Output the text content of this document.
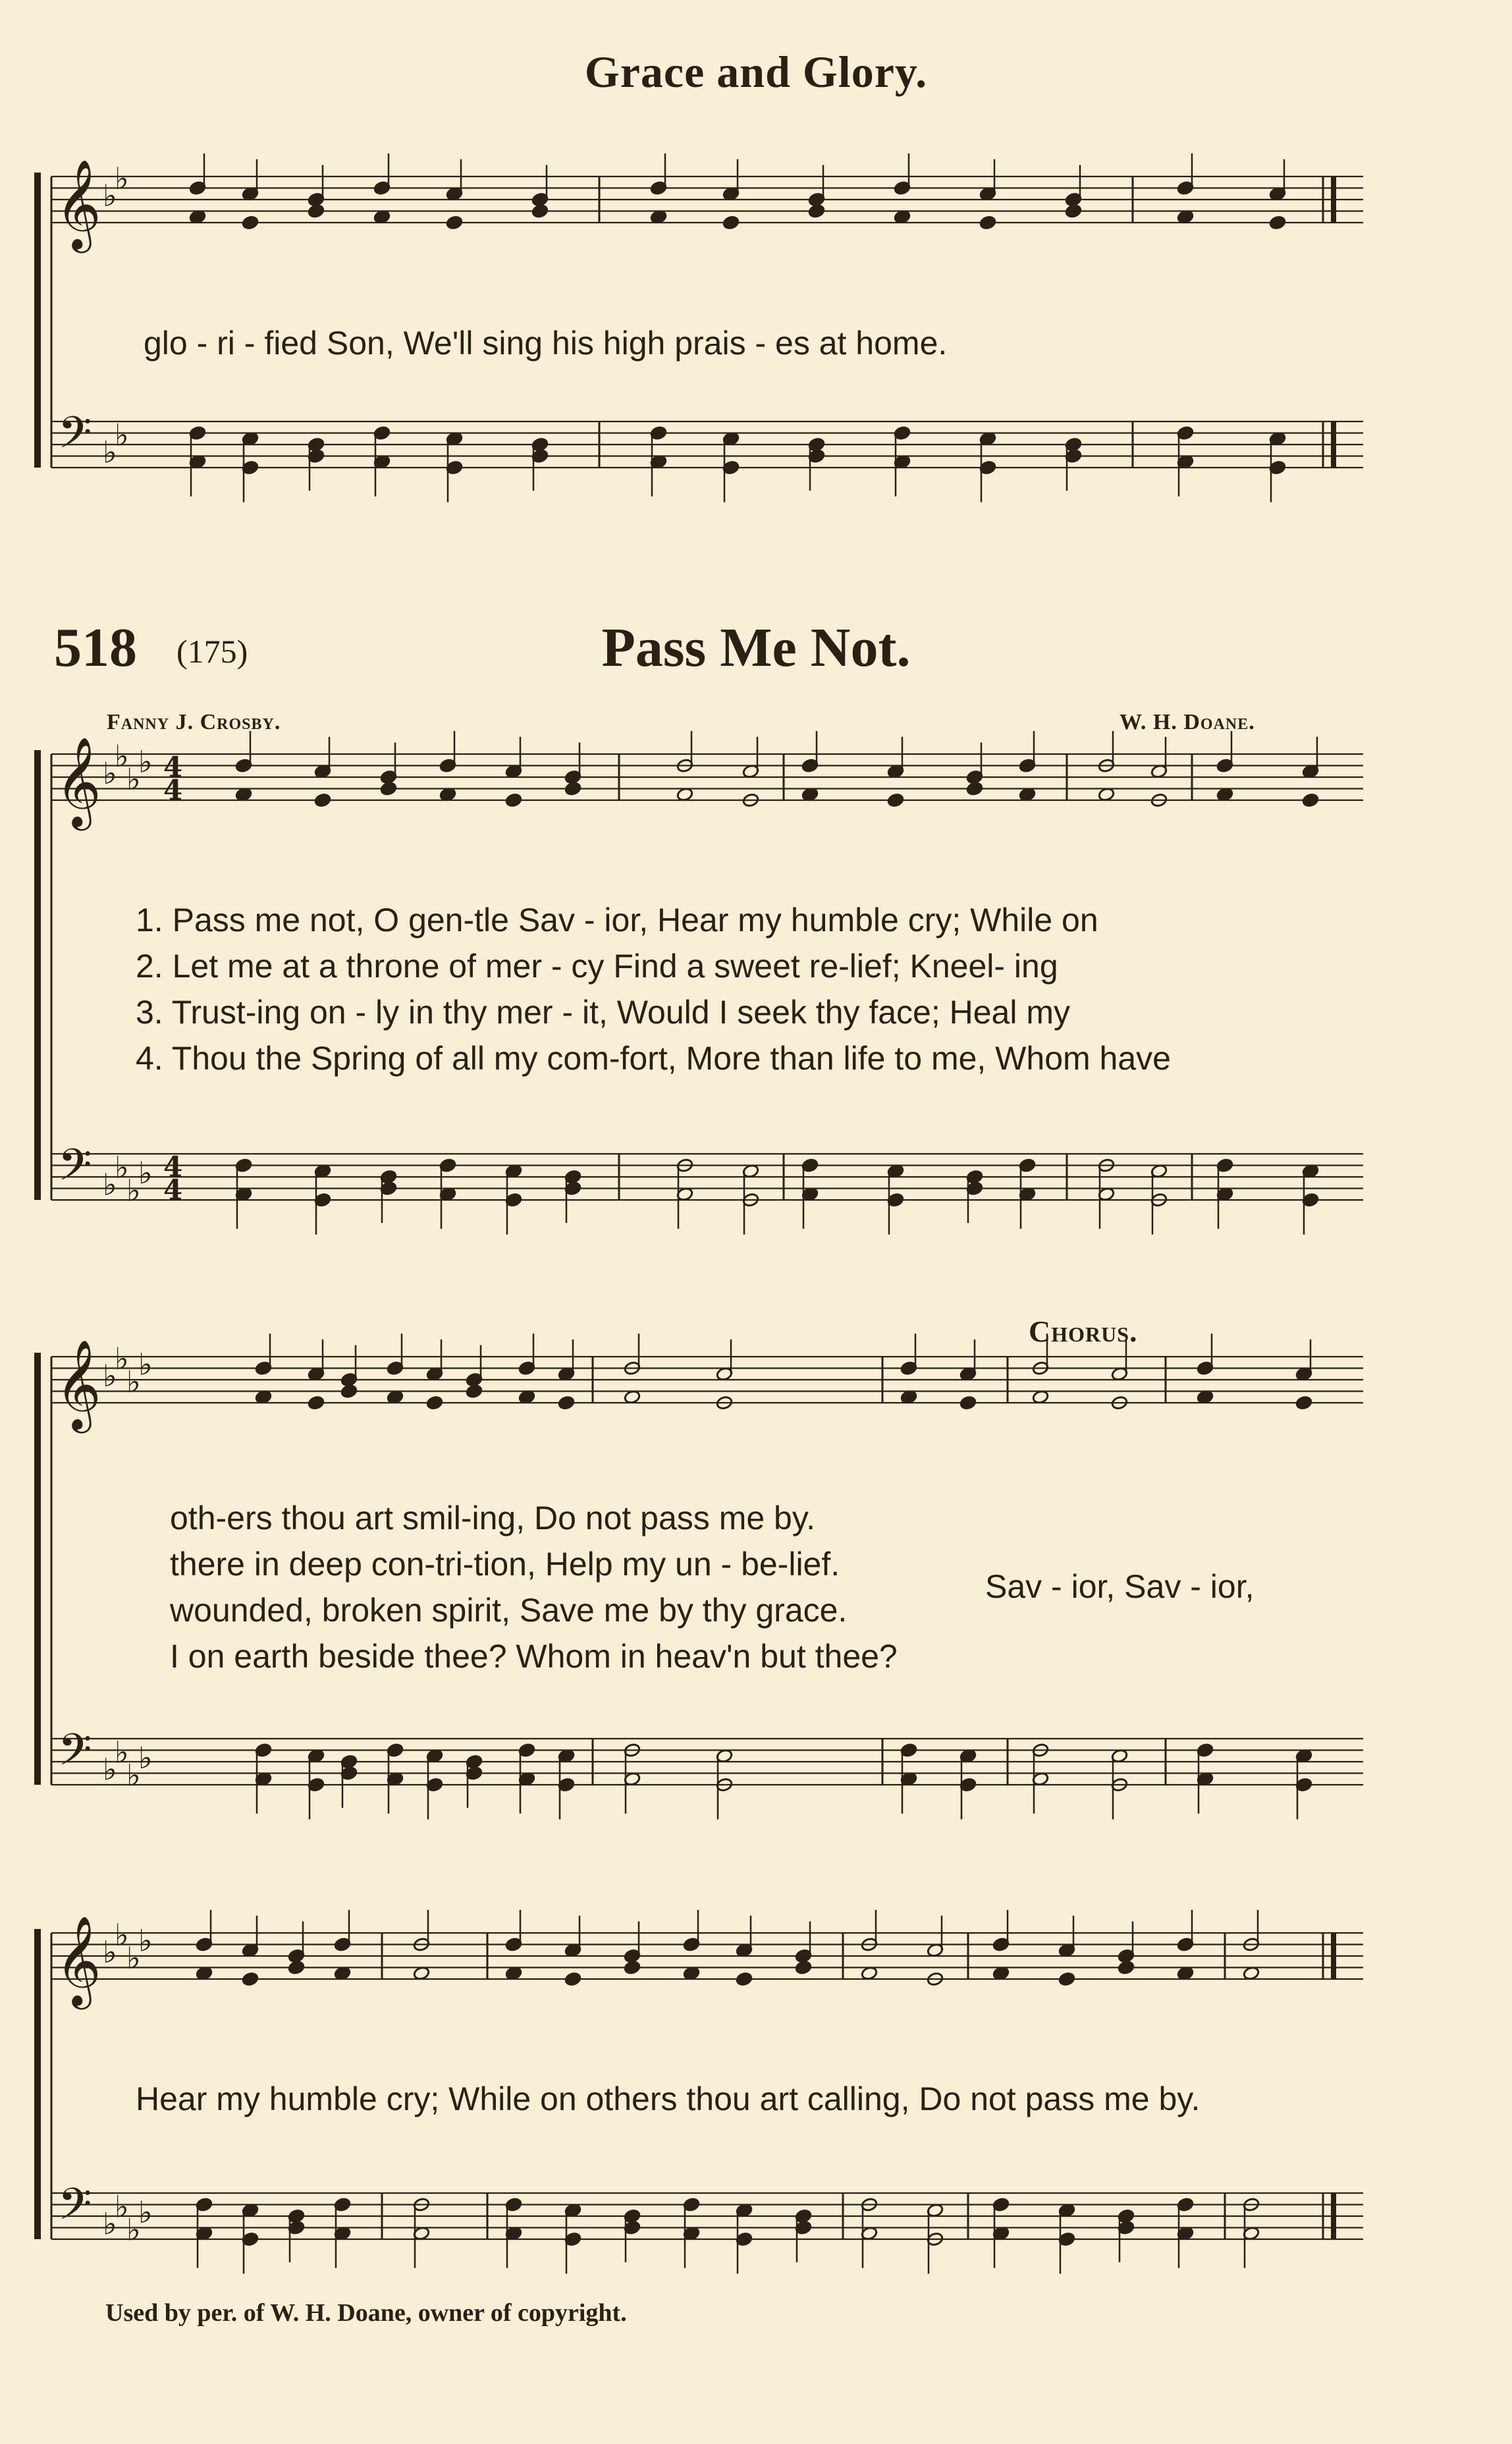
Grace and Glory.
glo - ri - fied Son, We'll sing his high prais - es at home.
518 (175)	Pass Me Not.
Fanny J. Crosby.	W. H. Doane.
1. Pass me not, O gen-tle Sav - ior, Hear my humble cry; While on
2. Let me at a throne of mer - cy Find a sweet re-lief; Kneel- ing
3. Trust-ing on - ly in thy mer - it, Would I seek thy face; Heal my
4. Thou the Spring of all my com-fort, More than life to me, Whom have
Chorus.
oth-ers thou art smil-ing, Do not pass me by.
there in deep con-tri-tion, Help my un - be-lief.
wounded, broken spirit, Save me by thy grace.
I on earth beside thee? Whom in heav'n but thee?
Sav - ior, Sav - ior,
Hear my humble cry; While on others thou art calling, Do not pass me by.
Used by per. of W. H. Doane, owner of copyright.
𝄞
𝄢
♭
♭
♭
♭
𝄞
𝄢
♭
♭
♭
♭
♭
♭
♭
♭
4
4
4
4
𝄞
𝄢
♭
♭
♭
♭
♭
♭
♭
♭
𝄞
𝄢
♭
♭
♭
♭
♭
♭
♭
♭
